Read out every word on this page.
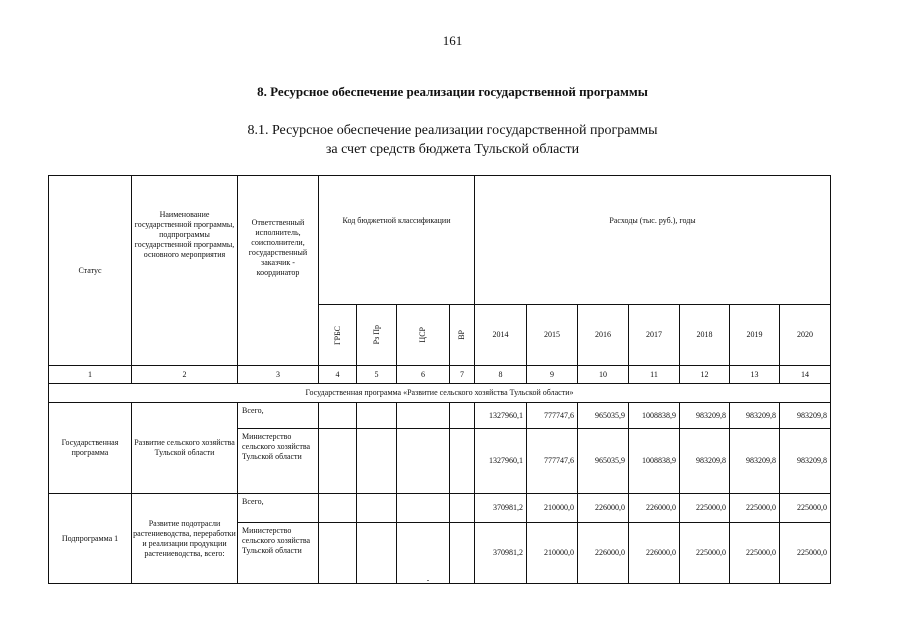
161
8. Ресурсное обеспечение реализации государственной программы
8.1. Ресурсное обеспечение реализации государственной программы
за счет средств бюджета Тульской области
Статус	Наименование государственной программы, подпрограммы государственной программы, основного мероприятия	Ответственный исполнитель, соисполнители, государственный заказчик - координатор	Код бюджетной классификации				Расходы (тыс. руб.), годы						

			ГРБС	Рз Пр	ЦСР	ВР	2014	2015	2016	2017	2018	2019	2020
1	2	3	4	5	6	7	8	9	10	11	12	13	14
Государственная программа «Развитие сельского хозяйства Тульской области»													
Государственная программа	Развитие сельского хозяйства Тульской области	Всего,					1327960,1	777747,6	965035,9	1008838,9	983209,8	983209,8	983209,8
		Министерство сельского хозяйства Тульской области					1327960,1	777747,6	965035,9	1008838,9	983209,8	983209,8	983209,8
Подпрограмма 1	Развитие подотрасли растениеводства, переработки и реализации продукции растениеводства, всего:	Всего,					370981,2	210000,0	226000,0	226000,0	225000,0	225000,0	225000,0
		Министерство сельского хозяйства Тульской области					370981,2	210000,0	226000,0	226000,0	225000,0	225000,0	225000,0
